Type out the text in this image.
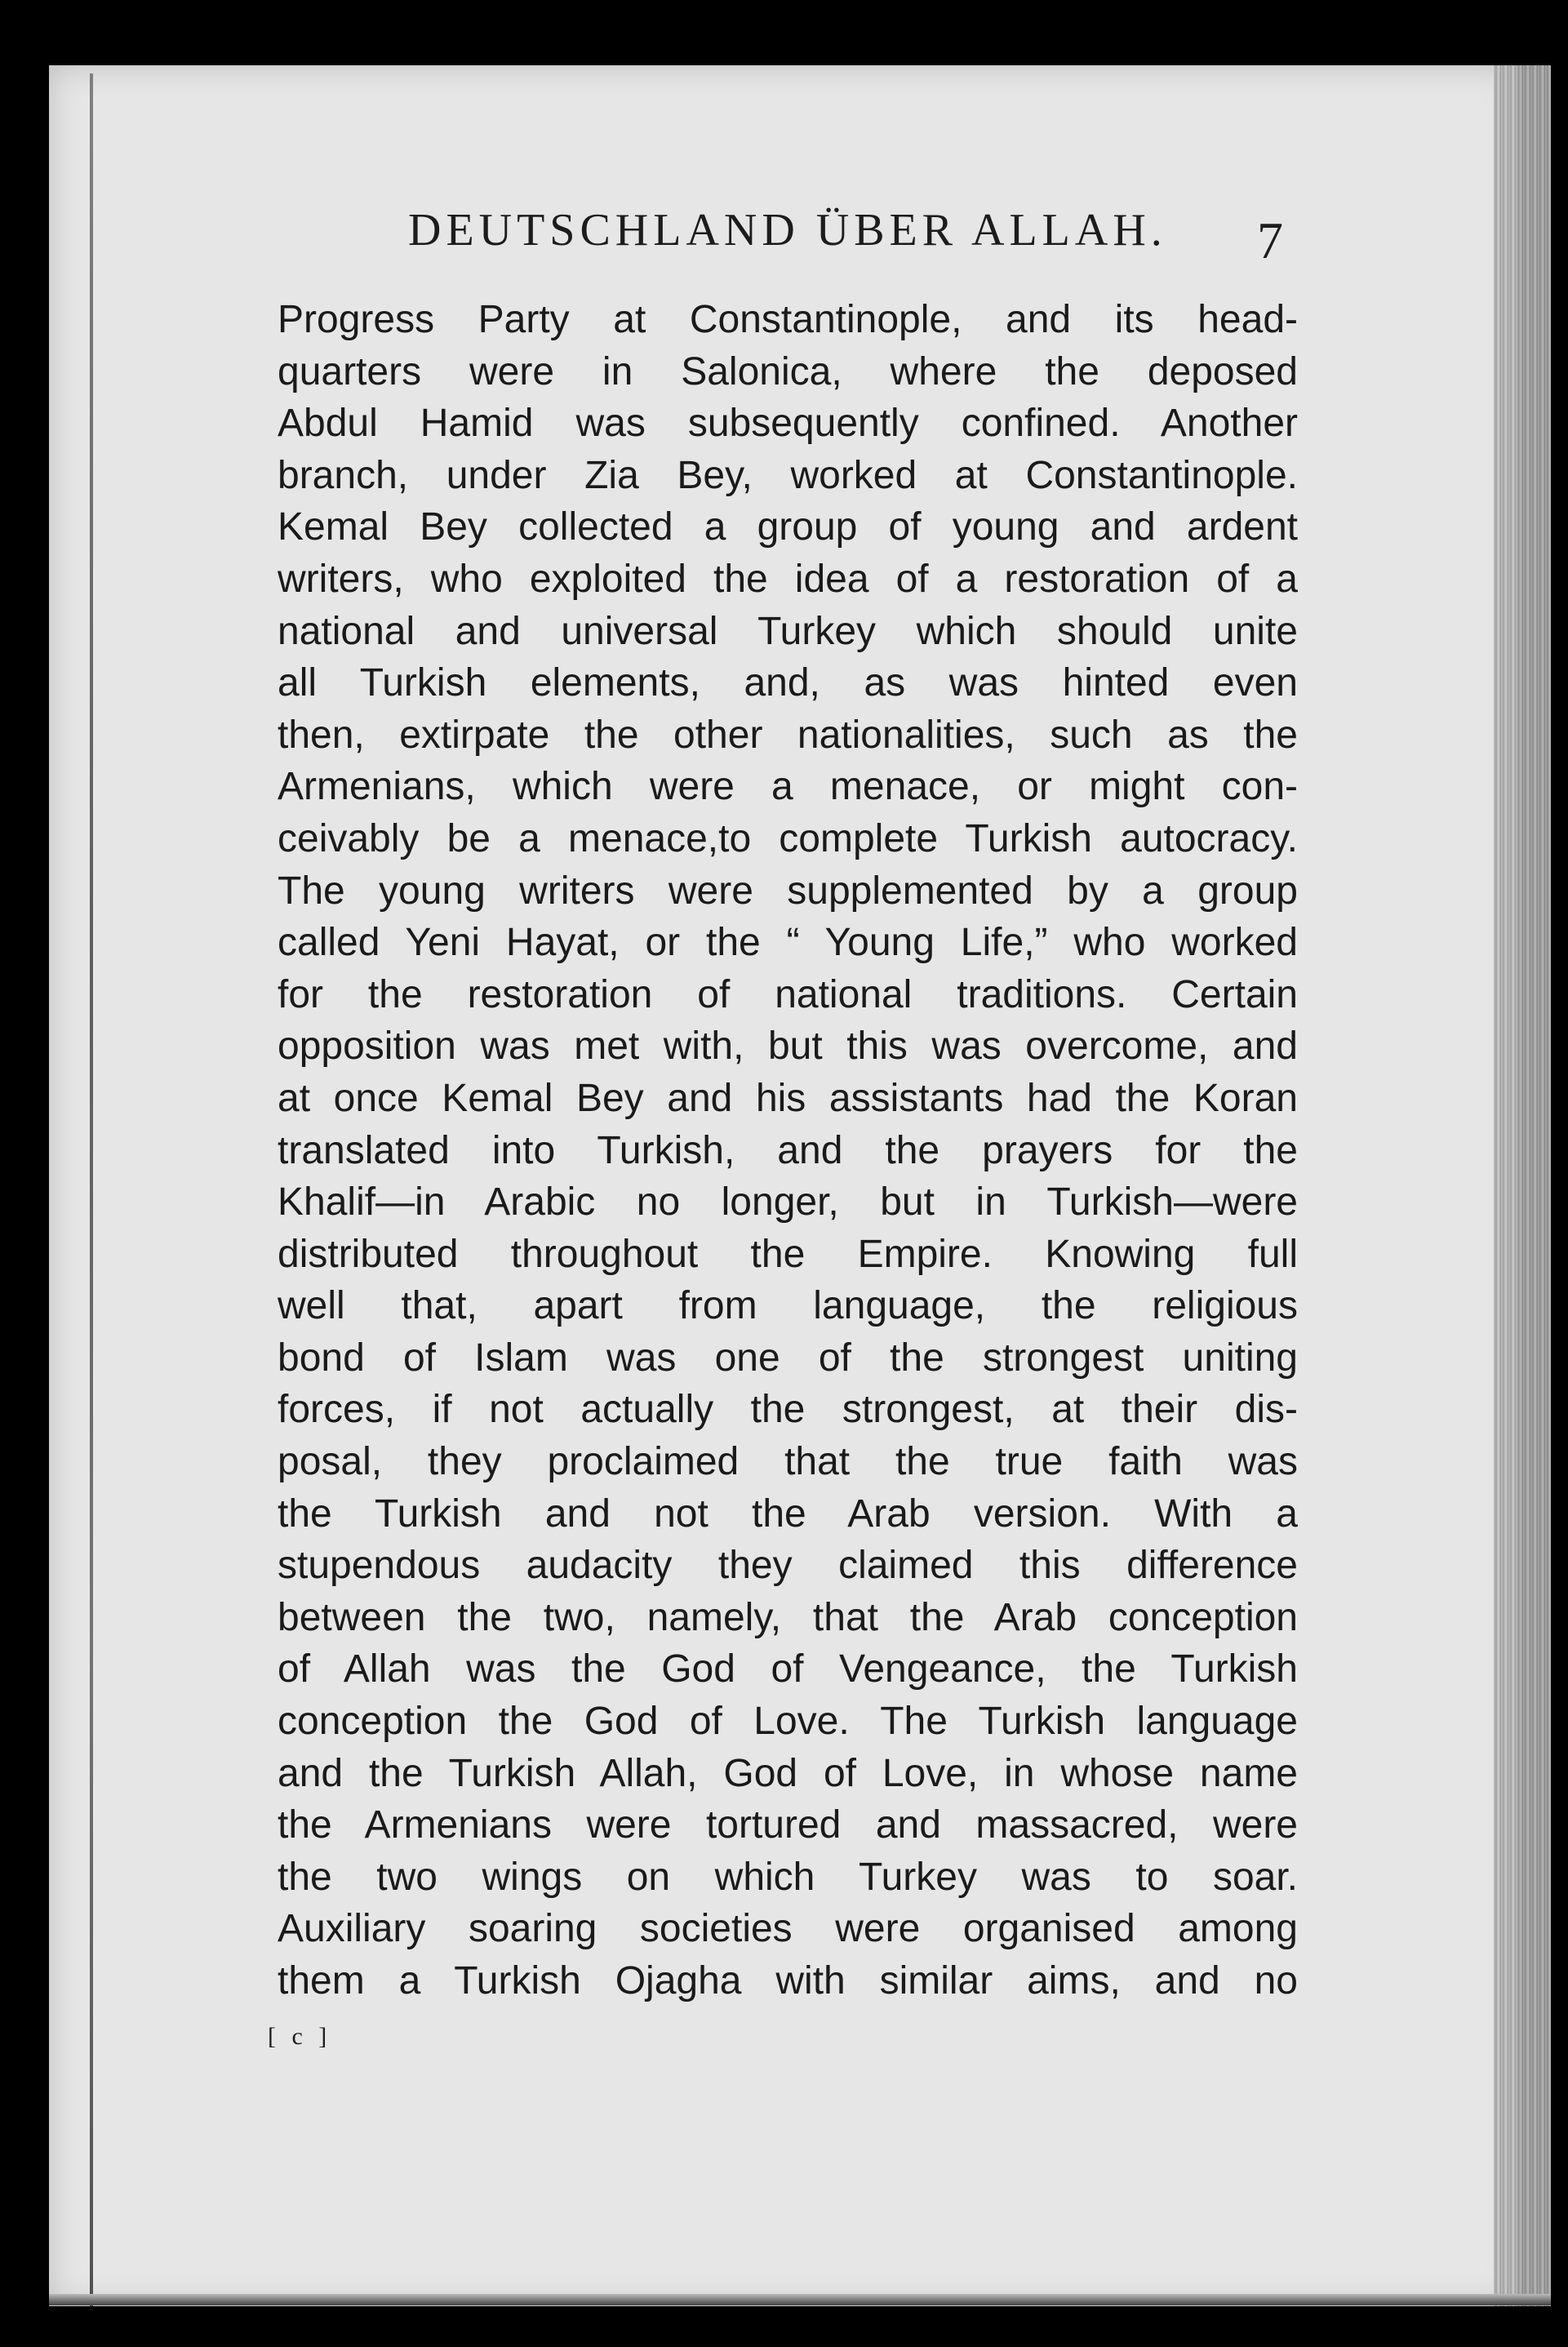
DEUTSCHLAND ÜBER ALLAH.	7
Progress Party at Constantinople, and its head-
quarters were in Salonica, where the deposed
Abdul Hamid was subsequently confined. Another
branch, under Zia Bey, worked at Constantinople.
Kemal Bey collected a group of young and ardent
writers, who exploited the idea of a restoration of a
national and universal Turkey which should unite
all Turkish elements, and, as was hinted even
then, extirpate the other nationalities, such as the
Armenians, which were a menace, or might con-
ceivably be a menace,to complete Turkish autocracy.
The young writers were supplemented by a group
called Yeni Hayat, or the “ Young Life,” who worked
for the restoration of national traditions. Certain
opposition was met with, but this was overcome, and
at once Kemal Bey and his assistants had the Koran
translated into Turkish, and the prayers for the
Khalif—in Arabic no longer, but in Turkish—were
distributed throughout the Empire. Knowing full
well that, apart from language, the religious
bond of Islam was one of the strongest uniting
forces, if not actually the strongest, at their dis-
posal, they proclaimed that the true faith was
the Turkish and not the Arab version. With a
stupendous audacity they claimed this difference
between the two, namely, that the Arab conception
of Allah was the God of Vengeance, the Turkish
conception the God of Love. The Turkish language
and the Turkish Allah, God of Love, in whose name
the Armenians were tortured and massacred, were
the two wings on which Turkey was to soar.
Auxiliary soaring societies were organised among
them a Turkish Ojagha with similar aims, and no
[ c ]
